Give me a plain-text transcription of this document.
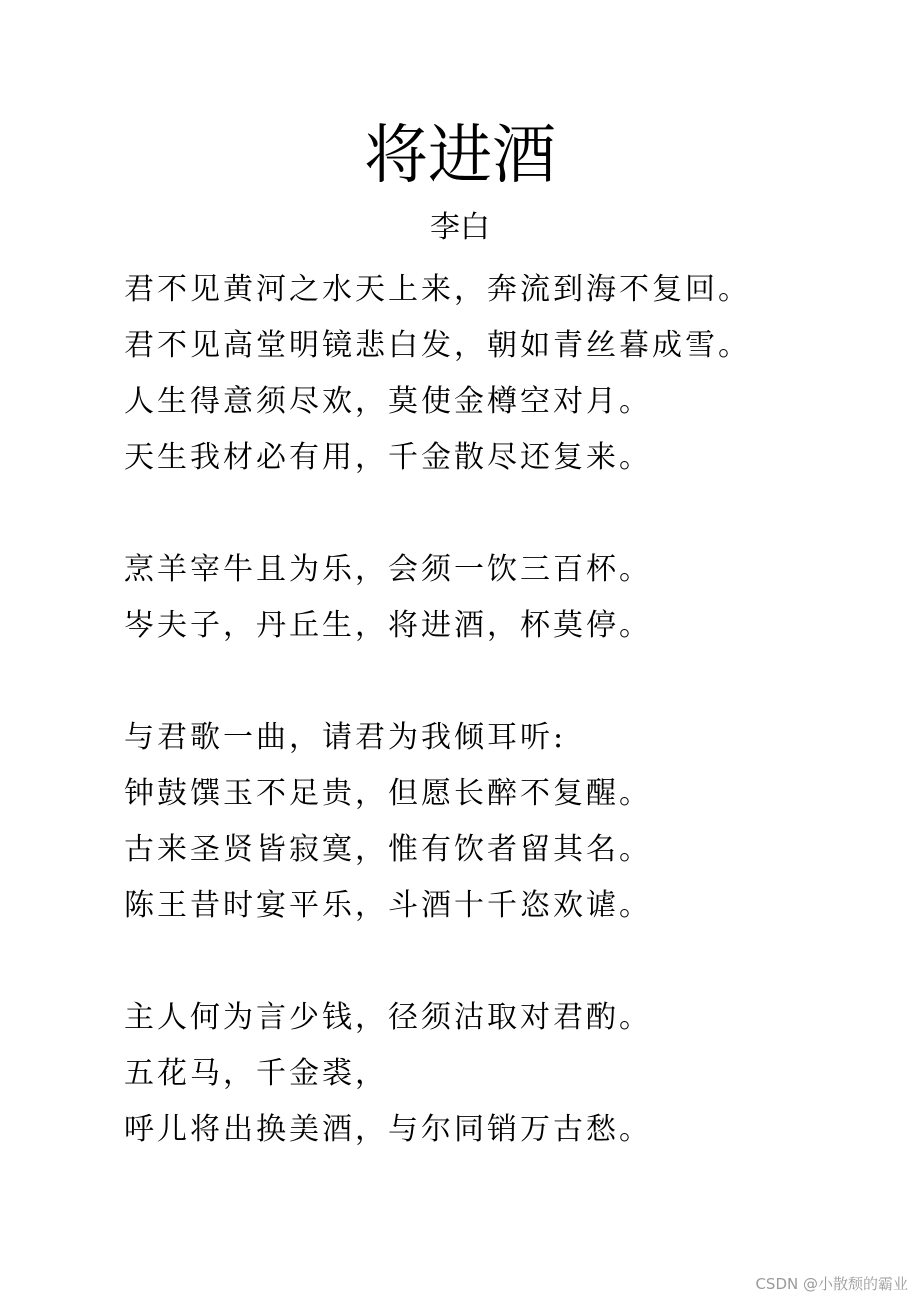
将进酒
李白
君不见黄河之水天上来，奔流到海不复回。
君不见高堂明镜悲白发，朝如青丝暮成雪。
人生得意须尽欢，莫使金樽空对月。
天生我材必有用，千金散尽还复来。
烹羊宰牛且为乐，会须一饮三百杯。
岑夫子，丹丘生，将进酒，杯莫停。
与君歌一曲，请君为我倾耳听:
钟鼓馔玉不足贵，但愿长醉不复醒。
古来圣贤皆寂寞，惟有饮者留其名。
陈王昔时宴平乐，斗酒十千恣欢谑。
主人何为言少钱，径须沽取对君酌。
五花马，千金裘，
呼儿将出换美酒，与尔同销万古愁。
CSDN @小散颓的霸业
